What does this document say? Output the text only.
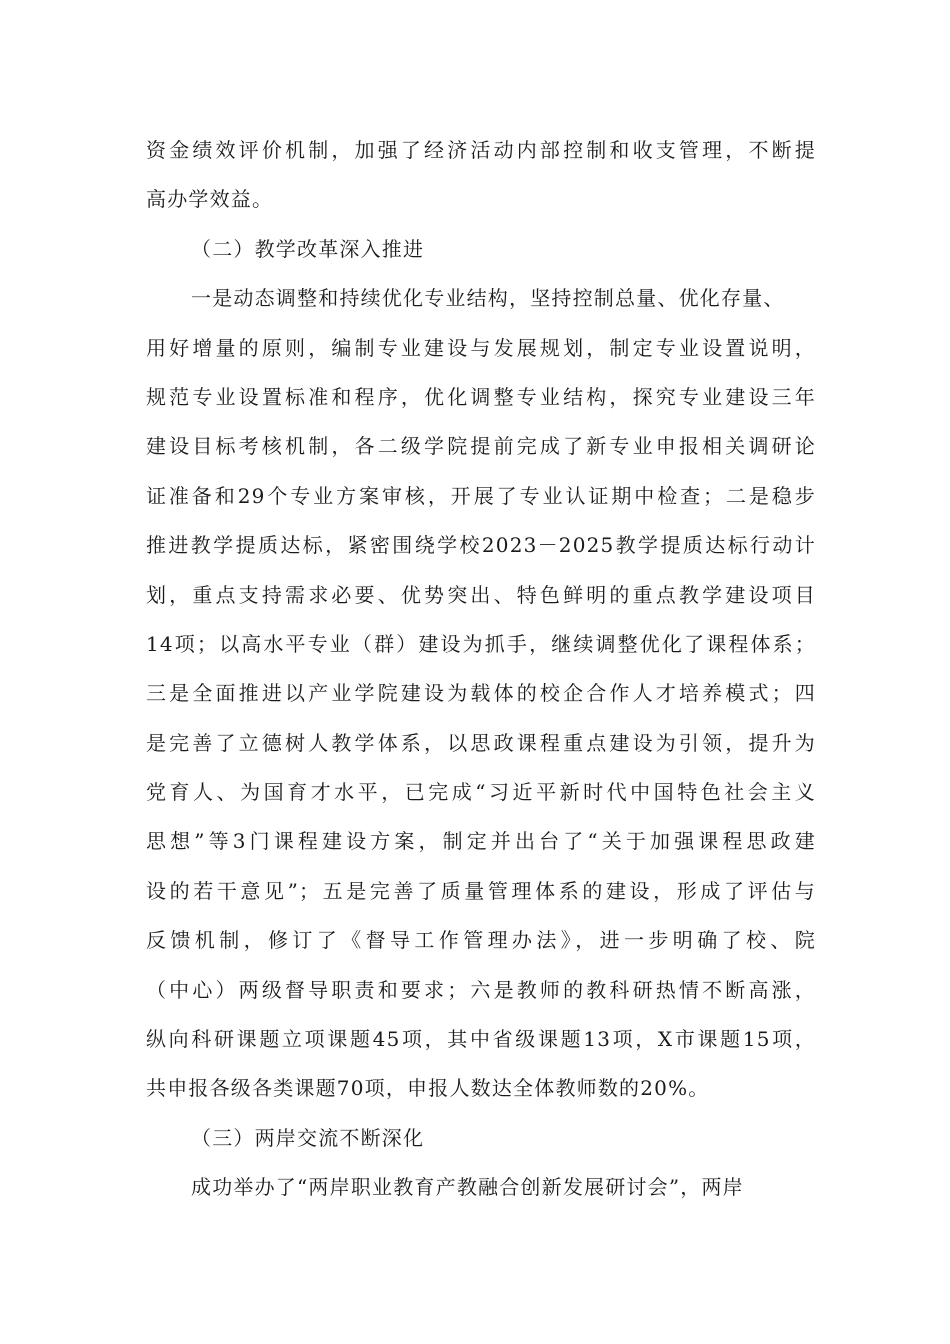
资金绩效评价机制，加强了经济活动内部控制和收支管理，不断提
高办学效益。
（二）教学改革深入推进
一是动态调整和持续优化专业结构，坚持控制总量、优化存量、
用好增量的原则，编制专业建设与发展规划，制定专业设置说明，
规范专业设置标准和程序，优化调整专业结构，探究专业建设三年
建设目标考核机制，各二级学院提前完成了新专业申报相关调研论
证准备和29个专业方案审核，开展了专业认证期中检查；二是稳步
推进教学提质达标，紧密围绕学校2023－2025教学提质达标行动计
划，重点支持需求必要、优势突出、特色鲜明的重点教学建设项目
14项；以高水平专业（群）建设为抓手，继续调整优化了课程体系；
三是全面推进以产业学院建设为载体的校企合作人才培养模式；四
是完善了立德树人教学体系，以思政课程重点建设为引领，提升为
党育人、为国育才水平，已完成“习近平新时代中国特色社会主义
思想”等3门课程建设方案，制定并出台了“关于加强课程思政建
设的若干意见”；五是完善了质量管理体系的建设，形成了评估与
反馈机制，修订了《督导工作管理办法》，进一步明确了校、院
（中心）两级督导职责和要求；六是教师的教科研热情不断高涨，
纵向科研课题立项课题45项，其中省级课题13项，X市课题15项，
共申报各级各类课题70项，申报人数达全体教师数的20%。
（三）两岸交流不断深化
成功举办了“两岸职业教育产教融合创新发展研讨会”，两岸
